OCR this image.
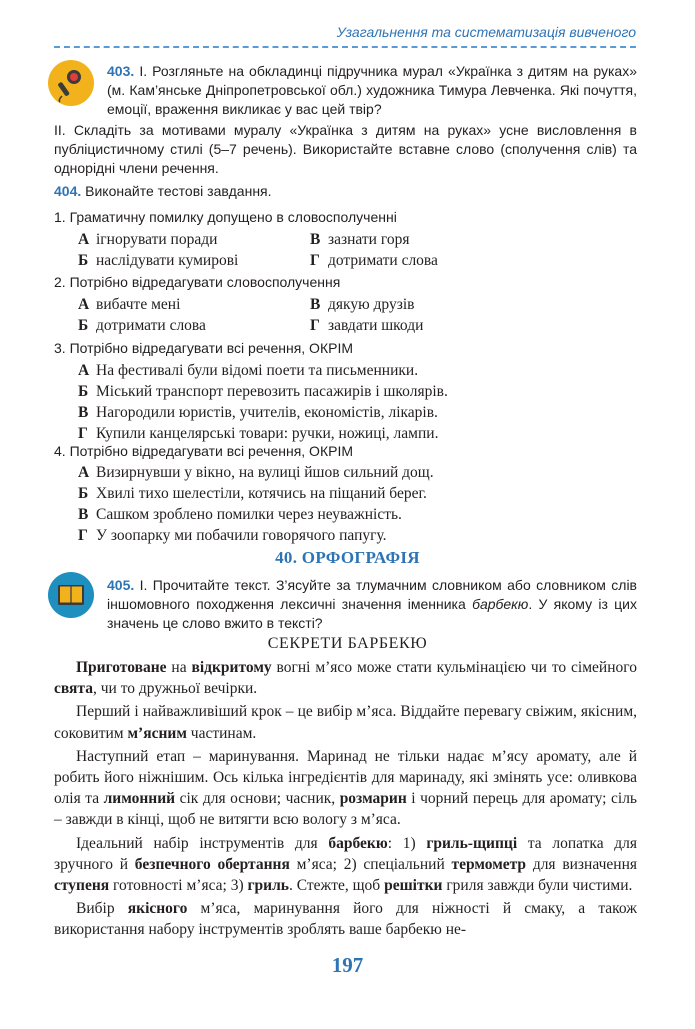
Узагальнення та систематизація вивченого
403. І. Розгляньте на обкладинці підручника мурал «Українка з дитям на руках» (м. Кам’янське Дніпропетровської обл.) художника Тимура Левченка. Які почуття, емоції, враження викликає у вас цей твір?
ІІ. Складіть за мотивами муралу «Українка з дитям на руках» усне висловлення в публіцистичному стилі (5–7 речень). Використайте вставне слово (сполучення слів) та однорідні члени речення.
404. Виконайте тестові завдання.
1. Граматичну помилку допущено в словосполученні
А ігнорувати поради	В зазнати горя
Б наслідувати кумирові	Г дотримати слова
2. Потрібно відредагувати словосполучення
А вибачте мені	В дякую друзів
Б дотримати слова	Г завдати шкоди
3. Потрібно відредагувати всі речення, ОКРІМ
А На фестивалі були відомі поети та письменники.
Б Міський транспорт перевозить пасажирів і школярів.
В Нагородили юристів, учителів, економістів, лікарів.
Г Купили канцелярські товари: ручки, ножиці, лампи.
4. Потрібно відредагувати всі речення, ОКРІМ
А Визирнувши у вікно, на вулиці йшов сильний дощ.
Б Хвилі тихо шелестіли, котячись на піщаний берег.
В Сашком зроблено помилки через неуважність.
Г У зоопарку ми побачили говорячого папугу.
40. ОРФОГРАФІЯ
405. І. Прочитайте текст. З’ясуйте за тлумачним словником або словником слів іншомовного походження лексичні значення іменника барбекю. У якому із цих значень це слово вжито в тексті?
СЕКРЕТИ БАРБЕКЮ

Приготоване на відкритому вогні м’ясо може стати кульмінацією чи то сімейного свята, чи то дружньої вечірки.

Перший і найважливіший крок – це вибір м’яса. Віддайте перевагу свіжим, якісним, соковитим м’ясним частинам.

Наступний етап – маринування. Маринад не тільки надає м’ясу аромату, але й робить його ніжнішим. Ось кілька інгредієнтів для маринаду, які змінять усе: оливкова олія та лимонний сік для основи; часник, розмарин і чорний перець для аромату; сіль – завжди в кінці, щоб не витягти всю вологу з м’яса.

Ідеальний набір інструментів для барбекю: 1) гриль-щипці та лопатка для зручного й безпечного обертання м’яса; 2) спеціальний термометр для визначення ступеня готовності м’яса; 3) гриль. Стежте, щоб решітки гриля завжди були чистими.

Вибір якісного м’яса, маринування його для ніжності й смаку, а також використання набору інструментів зроблять ваше барбекю не-

197
